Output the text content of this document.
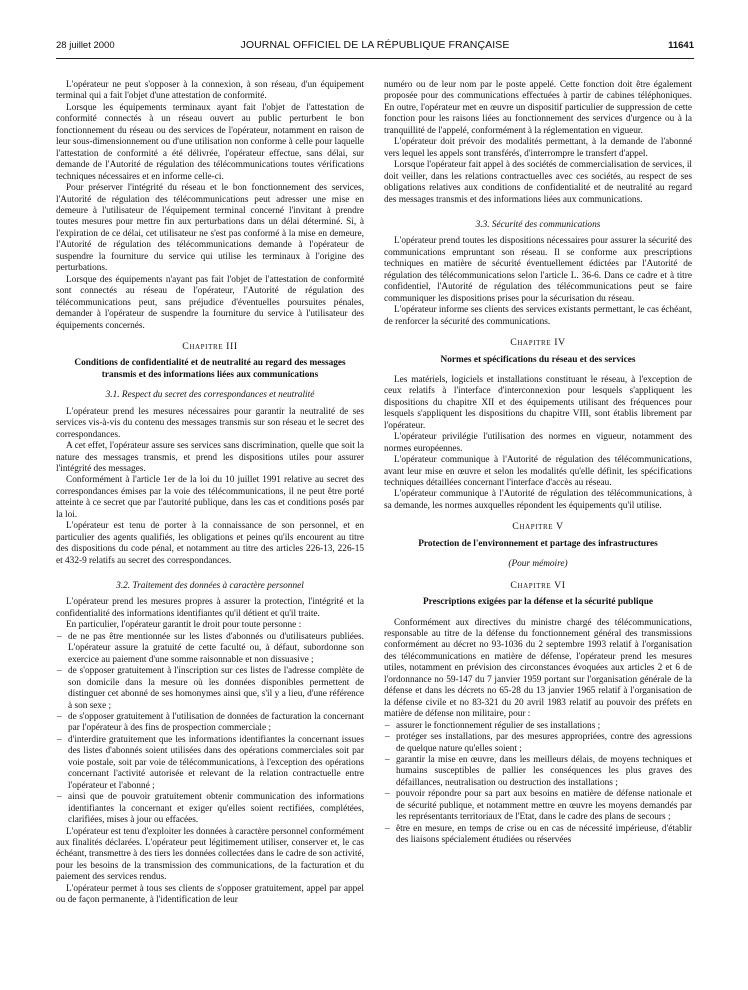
28 juillet 2000	JOURNAL OFFICIEL DE LA RÉPUBLIQUE FRANÇAISE	11641

L'opérateur ne peut s'opposer à la connexion, à son réseau, d'un équipement terminal qui a fait l'objet d'une attestation de conformité.

Lorsque les équipements terminaux ayant fait l'objet de l'attestation de conformité connectés à un réseau ouvert au public perturbent le bon fonctionnement du réseau ou des services de l'opérateur, notamment en raison de leur sous-dimensionnement ou d'une utilisation non conforme à celle pour laquelle l'attestation de conformité a été délivrée, l'opérateur effectue, sans délai, sur demande de l'Autorité de régulation des télécommunications toutes vérifications techniques nécessaires et en informe celle-ci.

Pour préserver l'intégrité du réseau et le bon fonctionnement des services, l'Autorité de régulation des télécommunications peut adresser une mise en demeure à l'utilisateur de l'équipement terminal concerné l'invitant à prendre toutes mesures pour mettre fin aux perturbations dans un délai déterminé. Si, à l'expiration de ce délai, cet utilisateur ne s'est pas conformé à la mise en demeure, l'Autorité de régulation des télécommunications demande à l'opérateur de suspendre la fourniture du service qui utilise les terminaux à l'origine des perturbations.

Lorsque des équipements n'ayant pas fait l'objet de l'attestation de conformité sont connectés au réseau de l'opérateur, l'Autorité de régulation des télécommunications peut, sans préjudice d'éventuelles poursuites pénales, demander à l'opérateur de suspendre la fourniture du service à l'utilisateur des équipements concernés.

Chapitre III
Conditions de confidentialité et de neutralité au regard des messages transmis et des informations liées aux communications
3.1. Respect du secret des correspondances et neutralité

L'opérateur prend les mesures nécessaires pour garantir la neutralité de ses services vis-à-vis du contenu des messages transmis sur son réseau et le secret des correspondances.

A cet effet, l'opérateur assure ses services sans discrimination, quelle que soit la nature des messages transmis, et prend les dispositions utiles pour assurer l'intégrité des messages.

Conformément à l'article 1er de la loi du 10 juillet 1991 relative au secret des correspondances émises par la voie des télécommunications, il ne peut être porté atteinte à ce secret que par l'autorité publique, dans les cas et conditions posés par la loi.

L'opérateur est tenu de porter à la connaissance de son personnel, et en particulier des agents qualifiés, les obligations et peines qu'ils encourent au titre des dispositions du code pénal, et notamment au titre des articles 226-13, 226-15 et 432-9 relatifs au secret des correspondances.

3.2. Traitement des données à caractère personnel

L'opérateur prend les mesures propres à assurer la protection, l'intégrité et la confidentialité des informations identifiantes qu'il détient et qu'il traite.

En particulier, l'opérateur garantit le droit pour toute personne :

– de ne pas être mentionnée sur les listes d'abonnés ou d'utilisateurs publiées. L'opérateur assure la gratuité de cette faculté ou, à défaut, subordonne son exercice au paiement d'une somme raisonnable et non dissuasive ;
– de s'opposer gratuitement à l'inscription sur ces listes de l'adresse complète de son domicile dans la mesure où les données disponibles permettent de distinguer cet abonné de ses homonymes ainsi que, s'il y a lieu, d'une référence à son sexe ;
– de s'opposer gratuitement à l'utilisation de données de facturation la concernant par l'opérateur à des fins de prospection commerciale ;
– d'interdire gratuitement que les informations identifiantes la concernant issues des listes d'abonnés soient utilisées dans des opérations commerciales soit par voie postale, soit par voie de télécommunications, à l'exception des opérations concernant l'activité autorisée et relevant de la relation contractuelle entre l'opérateur et l'abonné ;
– ainsi que de pouvoir gratuitement obtenir communication des informations identifiantes la concernant et exiger qu'elles soient rectifiées, complétées, clarifiées, mises à jour ou effacées.

L'opérateur est tenu d'exploiter les données à caractère personnel conformément aux finalités déclarées. L'opérateur peut légitimement utiliser, conserver et, le cas échéant, transmettre à des tiers les données collectées dans le cadre de son activité, pour les besoins de la transmission des communications, de la facturation et du paiement des services rendus.

L'opérateur permet à tous ses clients de s'opposer gratuitement, appel par appel ou de façon permanente, à l'identification de leur

numéro ou de leur nom par le poste appelé. Cette fonction doit être également proposée pour des communications effectuées à partir de cabines téléphoniques. En outre, l'opérateur met en œuvre un dispositif particulier de suppression de cette fonction pour les raisons liées au fonctionnement des services d'urgence ou à la tranquillité de l'appelé, conformément à la réglementation en vigueur.

L'opérateur doit prévoir des modalités permettant, à la demande de l'abonné vers lequel les appels sont transférés, d'interrompre le transfert d'appel.

Lorsque l'opérateur fait appel à des sociétés de commercialisation de services, il doit veiller, dans les relations contractuelles avec ces sociétés, au respect de ses obligations relatives aux conditions de confidentialité et de neutralité au regard des messages transmis et des informations liées aux communications.

3.3. Sécurité des communications

L'opérateur prend toutes les dispositions nécessaires pour assurer la sécurité des communications empruntant son réseau. Il se conforme aux prescriptions techniques en matière de sécurité éventuellement édictées par l'Autorité de régulation des télécommunications selon l'article L. 36-6. Dans ce cadre et à titre confidentiel, l'Autorité de régulation des télécommunications peut se faire communiquer les dispositions prises pour la sécurisation du réseau.

L'opérateur informe ses clients des services existants permettant, le cas échéant, de renforcer la sécurité des communications.

Chapitre IV
Normes et spécifications du réseau et des services

Les matériels, logiciels et installations constituant le réseau, à l'exception de ceux relatifs à l'interface d'interconnexion pour lesquels s'appliquent les dispositions du chapitre XII et des équipements utilisant des fréquences pour lesquels s'appliquent les dispositions du chapitre VIII, sont établis librement par l'opérateur.

L'opérateur privilégie l'utilisation des normes en vigueur, notamment des normes européennes.

L'opérateur communique à l'Autorité de régulation des télécommunications, avant leur mise en œuvre et selon les modalités qu'elle définit, les spécifications techniques détaillées concernant l'interface d'accès au réseau.

L'opérateur communique à l'Autorité de régulation des télécommunications, à sa demande, les normes auxquelles répondent les équipements qu'il utilise.

Chapitre V
Protection de l'environnement et partage des infrastructures
(Pour mémoire)
Chapitre VI
Prescriptions exigées par la défense et la sécurité publique

Conformément aux directives du ministre chargé des télécommunications, responsable au titre de la défense du fonctionnement général des transmissions conformément au décret no 93-1036 du 2 septembre 1993 relatif à l'organisation des télécommunications en matière de défense, l'opérateur prend les mesures utiles, notamment en prévision des circonstances évoquées aux articles 2 et 6 de l'ordonnance no 59-147 du 7 janvier 1959 portant sur l'organisation générale de la défense et dans les décrets no 65-28 du 13 janvier 1965 relatif à l'organisation de la défense civile et no 83-321 du 20 avril 1983 relatif au pouvoir des préfets en matière de défense non militaire, pour :

– assurer le fonctionnement régulier de ses installations ;
– protéger ses installations, par des mesures appropriées, contre des agressions de quelque nature qu'elles soient ;
– garantir la mise en œuvre, dans les meilleurs délais, de moyens techniques et humains susceptibles de pallier les conséquences les plus graves des défaillances, neutralisation ou destruction des installations ;
– pouvoir répondre pour sa part aux besoins en matière de défense nationale et de sécurité publique, et notamment mettre en œuvre les moyens demandés par les représentants territoriaux de l'Etat, dans le cadre des plans de secours ;
– être en mesure, en temps de crise ou en cas de nécessité impérieuse, d'établir des liaisons spécialement étudiées ou réservées
